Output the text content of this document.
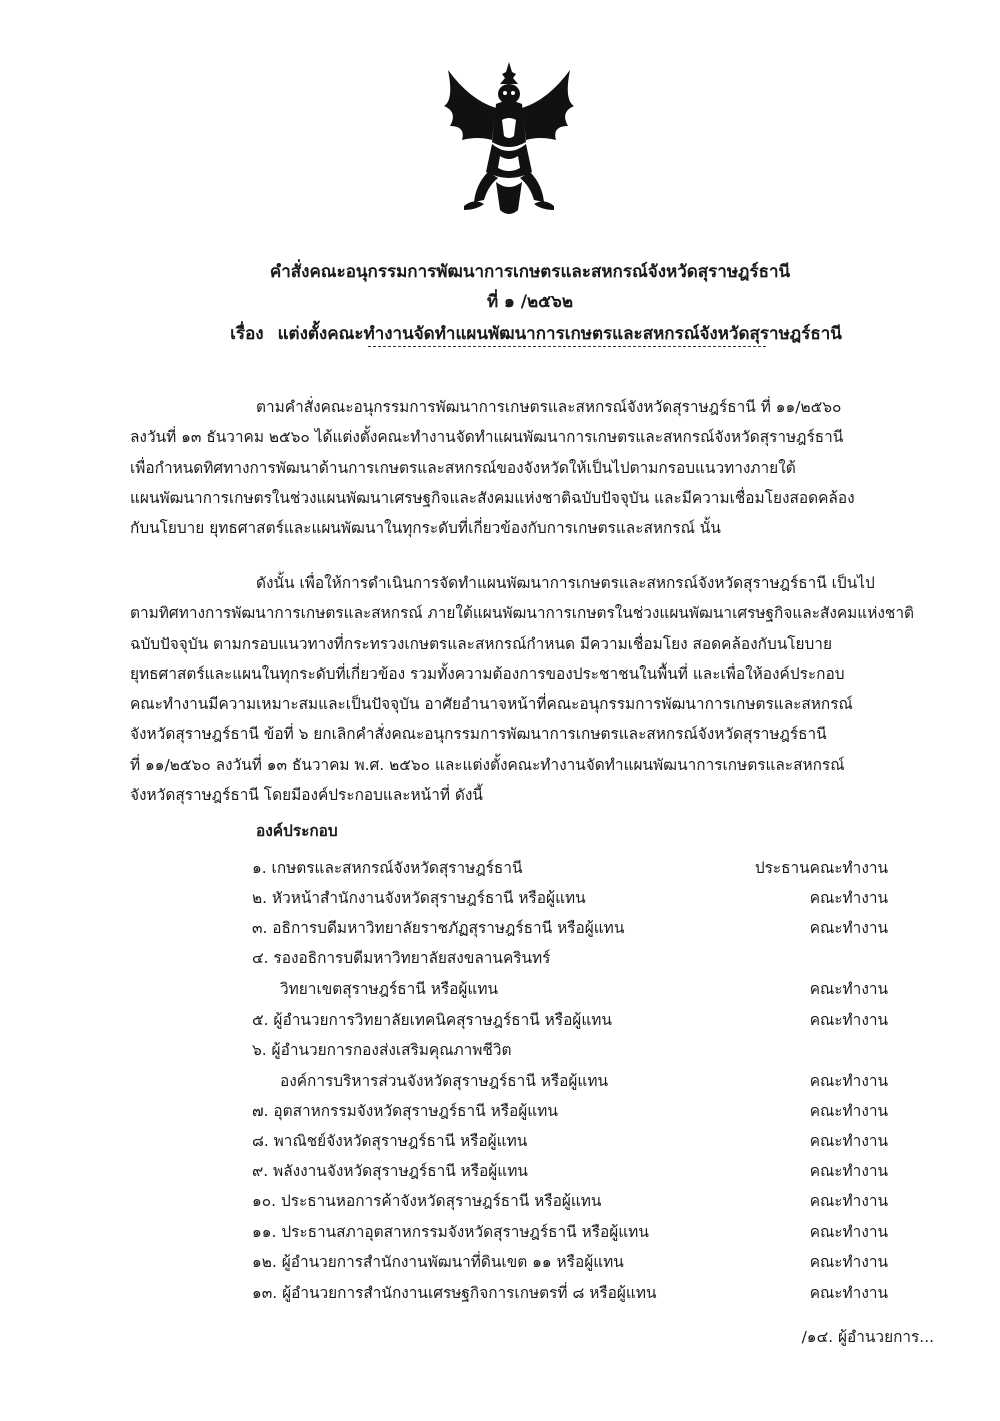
คำสั่งคณะอนุกรรมการพัฒนาการเกษตรและสหกรณ์จังหวัดสุราษฎร์ธานี
ที่ ๑ /๒๕๖๒
เรื่อง แต่งตั้งคณะทำงานจัดทำแผนพัฒนาการเกษตรและสหกรณ์จังหวัดสุราษฎร์ธานี

ตามคำสั่งคณะอนุกรรมการพัฒนาการเกษตรและสหกรณ์จังหวัดสุราษฎร์ธานี ที่ ๑๑/๒๕๖๐

ลงวันที่ ๑๓ ธันวาคม ๒๕๖๐ ได้แต่งตั้งคณะทำงานจัดทำแผนพัฒนาการเกษตรและสหกรณ์จังหวัดสุราษฎร์ธานี

เพื่อกำหนดทิศทางการพัฒนาด้านการเกษตรและสหกรณ์ของจังหวัดให้เป็นไปตามกรอบแนวทางภายใต้

แผนพัฒนาการเกษตรในช่วงแผนพัฒนาเศรษฐกิจและสังคมแห่งชาติฉบับปัจจุบัน และมีความเชื่อมโยงสอดคล้อง

กับนโยบาย ยุทธศาสตร์และแผนพัฒนาในทุกระดับที่เกี่ยวข้องกับการเกษตรและสหกรณ์ นั้น

ดังนั้น เพื่อให้การดำเนินการจัดทำแผนพัฒนาการเกษตรและสหกรณ์จังหวัดสุราษฎร์ธานี เป็นไป

ตามทิศทางการพัฒนาการเกษตรและสหกรณ์ ภายใต้แผนพัฒนาการเกษตรในช่วงแผนพัฒนาเศรษฐกิจและสังคมแห่งชาติ

ฉบับปัจจุบัน ตามกรอบแนวทางที่กระทรวงเกษตรและสหกรณ์กำหนด มีความเชื่อมโยง สอดคล้องกับนโยบาย

ยุทธศาสตร์และแผนในทุกระดับที่เกี่ยวข้อง รวมทั้งความต้องการของประชาชนในพื้นที่ และเพื่อให้องค์ประกอบ

คณะทำงานมีความเหมาะสมและเป็นปัจจุบัน อาศัยอำนาจหน้าที่คณะอนุกรรมการพัฒนาการเกษตรและสหกรณ์

จังหวัดสุราษฎร์ธานี ข้อที่ ๖ ยกเลิกคำสั่งคณะอนุกรรมการพัฒนาการเกษตรและสหกรณ์จังหวัดสุราษฎร์ธานี

ที่ ๑๑/๒๕๖๐ ลงวันที่ ๑๓ ธันวาคม พ.ศ. ๒๕๖๐ และแต่งตั้งคณะทำงานจัดทำแผนพัฒนาการเกษตรและสหกรณ์

จังหวัดสุราษฎร์ธานี โดยมีองค์ประกอบและหน้าที่ ดังนี้

องค์ประกอบ
๑. เกษตรและสหกรณ์จังหวัดสุราษฎร์ธานี	ประธานคณะทำงาน
๒. หัวหน้าสำนักงานจังหวัดสุราษฎร์ธานี หรือผู้แทน	คณะทำงาน
๓. อธิการบดีมหาวิทยาลัยราชภัฏสุราษฎร์ธานี หรือผู้แทน	คณะทำงาน
๔. รองอธิการบดีมหาวิทยาลัยสงขลานครินทร์
วิทยาเขตสุราษฎร์ธานี หรือผู้แทน	คณะทำงาน
๕. ผู้อำนวยการวิทยาลัยเทคนิคสุราษฎร์ธานี หรือผู้แทน	คณะทำงาน
๖. ผู้อำนวยการกองส่งเสริมคุณภาพชีวิต
องค์การบริหารส่วนจังหวัดสุราษฎร์ธานี หรือผู้แทน	คณะทำงาน
๗. อุตสาหกรรมจังหวัดสุราษฎร์ธานี หรือผู้แทน	คณะทำงาน
๘. พาณิชย์จังหวัดสุราษฎร์ธานี หรือผู้แทน	คณะทำงาน
๙. พลังงานจังหวัดสุราษฎร์ธานี หรือผู้แทน	คณะทำงาน
๑๐. ประธานหอการค้าจังหวัดสุราษฎร์ธานี หรือผู้แทน	คณะทำงาน
๑๑. ประธานสภาอุตสาหกรรมจังหวัดสุราษฎร์ธานี หรือผู้แทน	คณะทำงาน
๑๒. ผู้อำนวยการสำนักงานพัฒนาที่ดินเขต ๑๑ หรือผู้แทน	คณะทำงาน
๑๓. ผู้อำนวยการสำนักงานเศรษฐกิจการเกษตรที่ ๘ หรือผู้แทน	คณะทำงาน
/๑๔. ผู้อำนวยการ...
